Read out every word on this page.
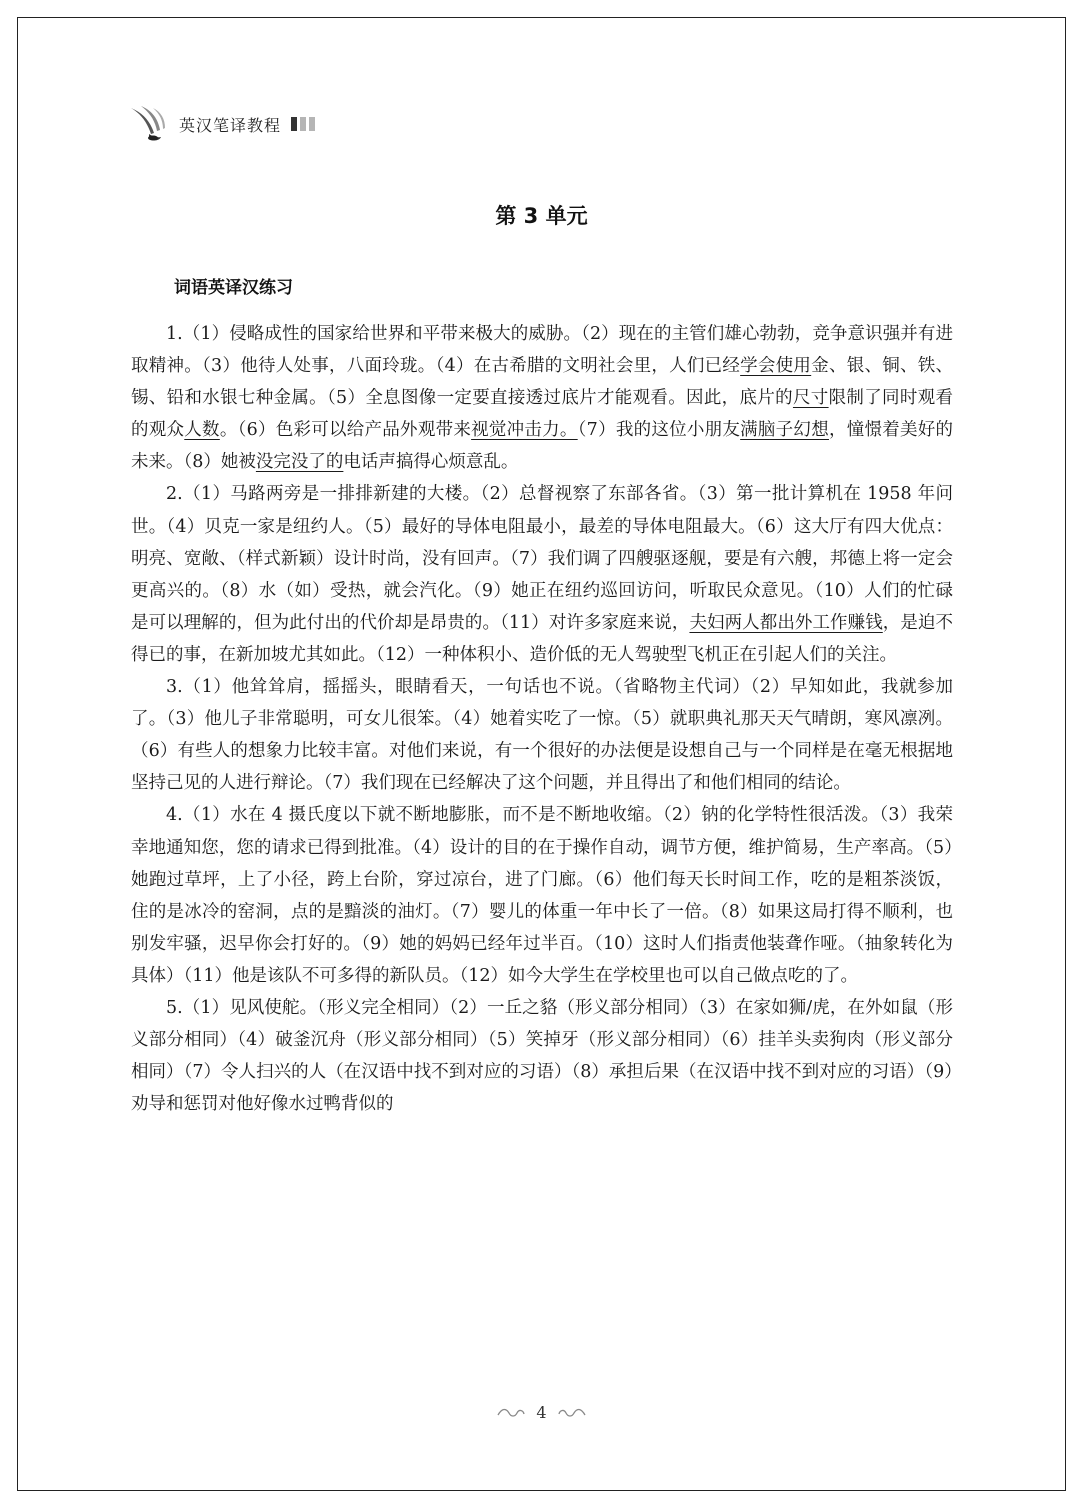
英汉笔译教程
第 3 单元
词语英译汉练习

1.（1）侵略成性的国家给世界和平带来极大的威胁。（2）现在的主管们雄心勃勃，竞争意识强并有进取精神。（3）他待人处事，八面玲珑。（4）在古希腊的文明社会里，人们已经学会使用金、银、铜、铁、锡、铅和水银七种金属。（5）全息图像一定要直接透过底片才能观看。因此，底片的尺寸限制了同时观看的观众人数。（6）色彩可以给产品外观带来视觉冲击力。（7）我的这位小朋友满脑子幻想，憧憬着美好的未来。（8）她被没完没了的电话声搞得心烦意乱。

2.（1）马路两旁是一排排新建的大楼。（2）总督视察了东部各省。（3）第一批计算机在 1958 年问世。（4）贝克一家是纽约人。（5）最好的导体电阻最小，最差的导体电阻最大。（6）这大厅有四大优点：明亮、宽敞、（样式新颖）设计时尚，没有回声。（7）我们调了四艘驱逐舰，要是有六艘，邦德上将一定会更高兴的。（8）水（如）受热，就会汽化。（9）她正在纽约巡回访问，听取民众意见。（10）人们的忙碌是可以理解的，但为此付出的代价却是昂贵的。（11）对许多家庭来说，夫妇两人都出外工作赚钱，是迫不得已的事，在新加坡尤其如此。（12）一种体积小、造价低的无人驾驶型飞机正在引起人们的关注。

3.（1）他耸耸肩，摇摇头，眼睛看天，一句话也不说。（省略物主代词）（2）早知如此，我就参加了。（3）他儿子非常聪明，可女儿很笨。（4）她着实吃了一惊。（5）就职典礼那天天气晴朗，寒风凛冽。（6）有些人的想象力比较丰富。对他们来说，有一个很好的办法便是设想自己与一个同样是在毫无根据地坚持己见的人进行辩论。（7）我们现在已经解决了这个问题，并且得出了和他们相同的结论。

4.（1）水在 4 摄氏度以下就不断地膨胀，而不是不断地收缩。（2）钠的化学特性很活泼。（3）我荣幸地通知您，您的请求已得到批准。（4）设计的目的在于操作自动，调节方便，维护简易，生产率高。（5）她跑过草坪，上了小径，跨上台阶，穿过凉台，进了门廊。（6）他们每天长时间工作，吃的是粗茶淡饭，住的是冰冷的窑洞，点的是黯淡的油灯。（7）婴儿的体重一年中长了一倍。（8）如果这局打得不顺利，也别发牢骚，迟早你会打好的。（9）她的妈妈已经年过半百。（10）这时人们指责他装聋作哑。（抽象转化为具体）（11）他是该队不可多得的新队员。（12）如今大学生在学校里也可以自己做点吃的了。

5.（1）见风使舵。（形义完全相同）（2）一丘之貉（形义部分相同）（3）在家如狮/虎，在外如鼠（形义部分相同）（4）破釜沉舟（形义部分相同）（5）笑掉牙（形义部分相同）（6）挂羊头卖狗肉（形义部分相同）（7）令人扫兴的人（在汉语中找不到对应的习语）（8）承担后果（在汉语中找不到对应的习语）（9）劝导和惩罚对他好像水过鸭背似的

4
